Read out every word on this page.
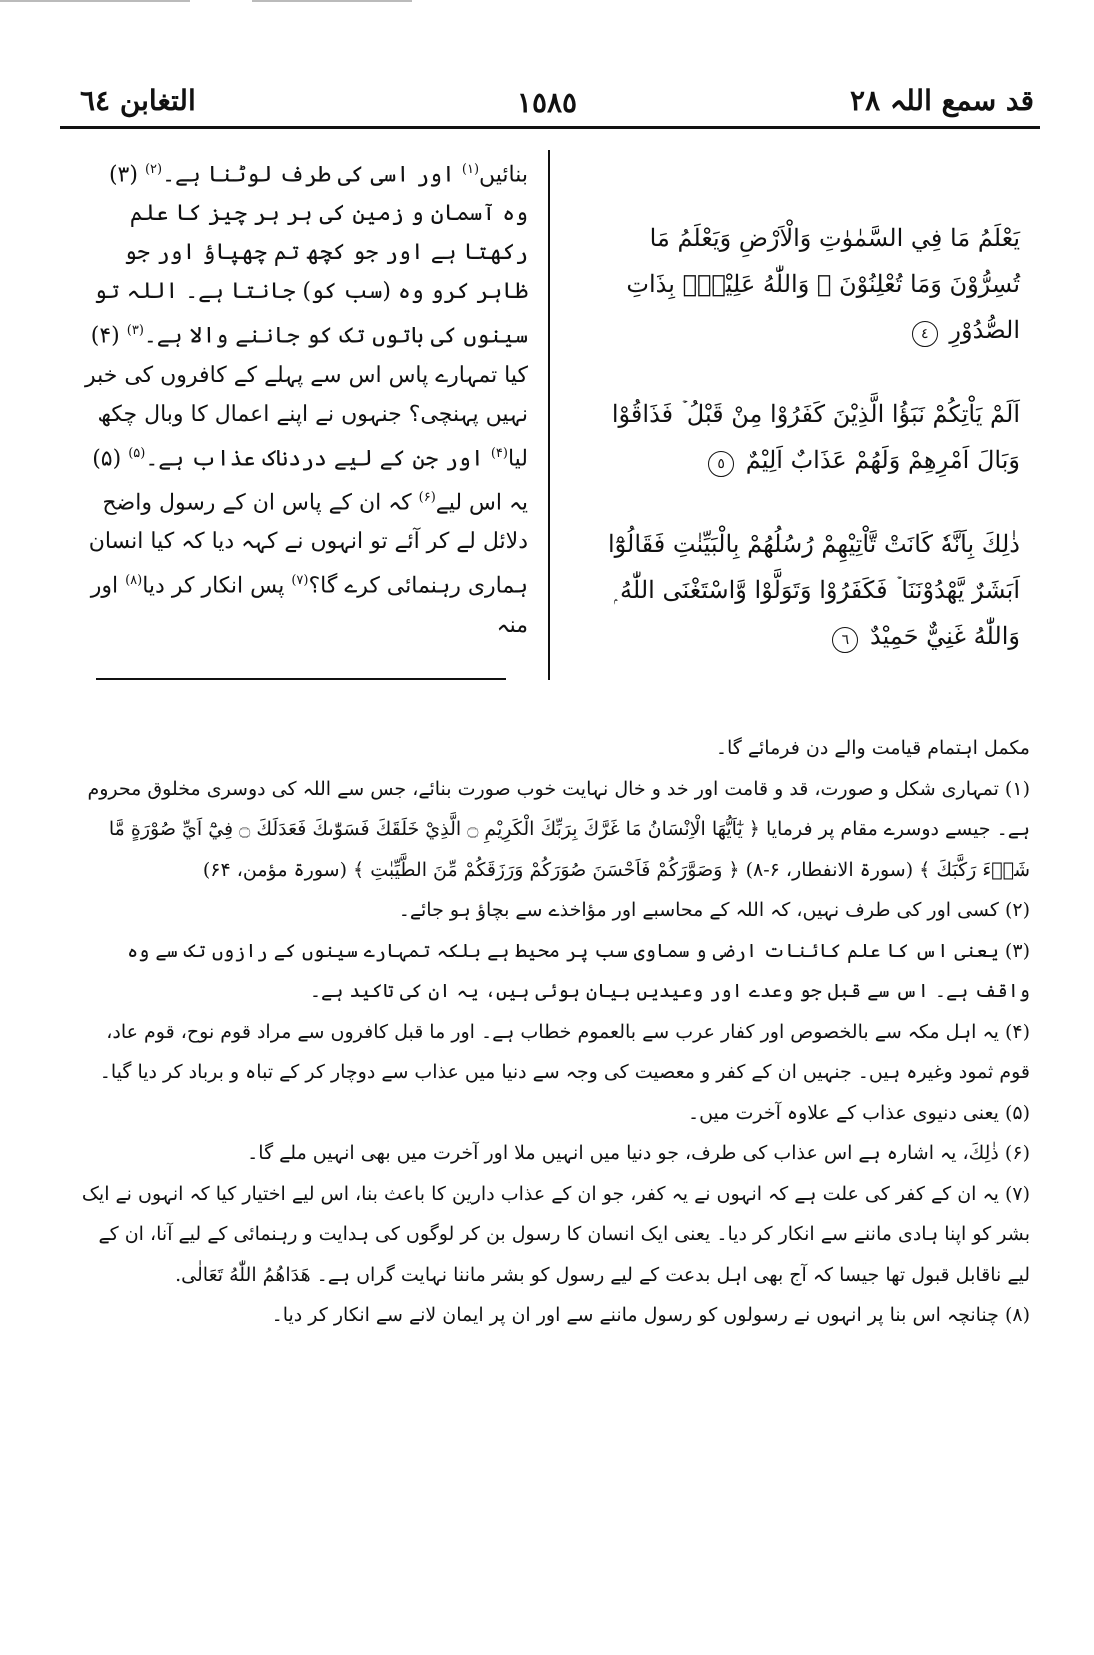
قد سمع اللہ ٢٨
١٥٨٥
التغابن ٦٤

يَعْلَمُ مَا فِي السَّمٰوٰتِ وَالْاَرْضِ وَيَعْلَمُ مَا تُسِرُّوْنَ وَمَا تُعْلِنُوْنَ ۭ وَاللّٰهُ عَلِيْمٌۢ بِذَاتِ الصُّدُوْرِ ٤

اَلَمْ يَاْتِكُمْ نَبَؤُا الَّذِيْنَ كَفَرُوْا مِنْ قَبْلُ ۡ فَذَاقُوْا وَبَالَ اَمْرِهِمْ وَلَهُمْ عَذَابٌ اَلِيْمٌ ٥

ذٰلِكَ بِاَنَّهٗ كَانَتْ تَّاْتِيْهِمْ رُسُلُهُمْ بِالْبَيِّنٰتِ فَقَالُوْٓا اَبَشَرٌ يَّهْدُوْنَنَا ۡ فَكَفَرُوْا وَتَوَلَّوْا وَّاسْتَغْنَى اللّٰهُ ۭ وَاللّٰهُ غَنِيٌّ حَمِيْدٌ ٦

بنائیں$^{(۱)}$ اور اسی کی طرف لوٹنا ہے۔$^{(۲)}$ (۳)

وہ آسمان و زمین کی ہر ہر چیز کا علم رکھتا ہے اور جو کچھ تم چھپاؤ اور جو ظاہر کرو وہ (سب کو) جانتا ہے۔ اللہ تو سینوں کی باتوں تک کو جاننے والا ہے۔$^{(۳)}$ (۴)

کیا تمہارے پاس اس سے پہلے کے کافروں کی خبر نہیں پہنچی؟ جنہوں نے اپنے اعمال کا وبال چکھ لیا$^{(۴)}$ اور جن کے لیے دردناک عذاب ہے۔$^{(۵)}$ (۵)

یہ اس لیے$^{(۶)}$ کہ ان کے پاس ان کے رسول واضح دلائل لے کر آئے تو انہوں نے کہہ دیا کہ کیا انسان ہماری رہنمائی کرے گا؟$^{(۷)}$ پس انکار کر دیا$^{(۸)}$ اور منہ

مکمل اہتمام قیامت والے دن فرمائے گا۔

(۱) تمہاری شکل و صورت، قد و قامت اور خد و خال نہایت خوب صورت بنائے، جس سے اللہ کی دوسری مخلوق محروم ہے۔ جیسے دوسرے مقام پر فرمایا ﴿ يٰٓاَيُّهَا الْاِنْسَانُ مَا غَرَّكَ بِرَبِّكَ الْكَرِيْمِ ۝ الَّذِيْ خَلَقَكَ فَسَوّٰىكَ فَعَدَلَكَ ۝ فِيْٓ اَيِّ صُوْرَةٍ مَّا شَاۗءَ رَكَّبَكَ ﴾ (سورۃ الانفطار، ۶-۸) ﴿ وَصَوَّرَكُمْ فَاَحْسَنَ صُوَرَكُمْ وَرَزَقَكُمْ مِّنَ الطَّيِّبٰتِ ﴾ (سورۃ مؤمن، ۶۴)

(۲) کسی اور کی طرف نہیں، کہ اللہ کے محاسبے اور مؤاخذے سے بچاؤ ہو جائے۔

(۳) یعنی اس کا علم کائنات ارضی و سماوی سب پر محیط ہے بلکہ تمہارے سینوں کے رازوں تک سے وہ واقف ہے۔ اس سے قبل جو وعدے اور وعیدیں بیان ہوئی ہیں، یہ ان کی تاکید ہے۔

(۴) یہ اہل مکہ سے بالخصوص اور کفار عرب سے بالعموم خطاب ہے۔ اور ما قبل کافروں سے مراد قوم نوح، قوم عاد، قوم ثمود وغیرہ ہیں۔ جنہیں ان کے کفر و معصیت کی وجہ سے دنیا میں عذاب سے دوچار کر کے تباہ و برباد کر دیا گیا۔

(۵) یعنی دنیوی عذاب کے علاوہ آخرت میں۔

(۶) ذٰلِكَ، یہ اشارہ ہے اس عذاب کی طرف، جو دنیا میں انہیں ملا اور آخرت میں بھی انہیں ملے گا۔

(۷) یہ ان کے کفر کی علت ہے کہ انہوں نے یہ کفر، جو ان کے عذاب دارین کا باعث بنا، اس لیے اختیار کیا کہ انہوں نے ایک بشر کو اپنا ہادی ماننے سے انکار کر دیا۔ یعنی ایک انسان کا رسول بن کر لوگوں کی ہدایت و رہنمائی کے لیے آنا، ان کے لیے ناقابل قبول تھا جیسا کہ آج بھی اہل بدعت کے لیے رسول کو بشر ماننا نہایت گراں ہے۔ هَدَاهُمُ اللّٰهُ تَعَالٰى.

(۸) چنانچہ اس بنا پر انہوں نے رسولوں کو رسول ماننے سے اور ان پر ایمان لانے سے انکار کر دیا۔
